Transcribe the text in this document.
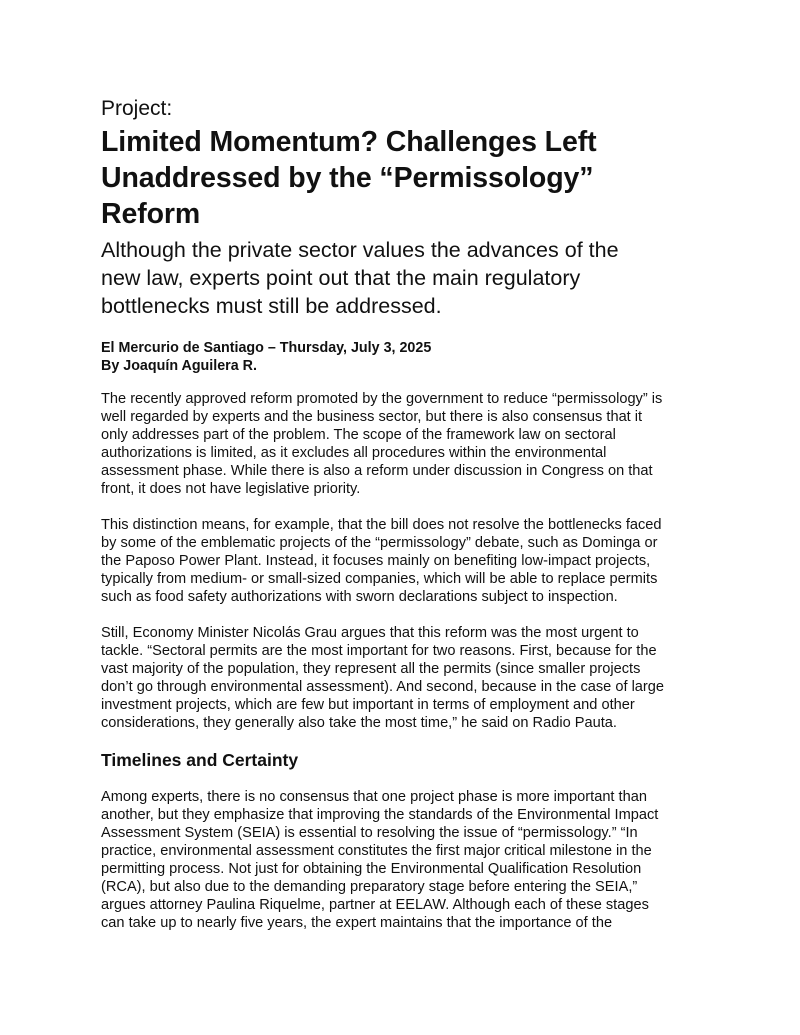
Project:
Limited Momentum? Challenges Left
Unaddressed by the “Permissology”
Reform
Although the private sector values the advances of the
new law, experts point out that the main regulatory
bottlenecks must still be addressed.
El Mercurio de Santiago – Thursday, July 3, 2025
By Joaquín Aguilera R.

The recently approved reform promoted by the government to reduce “permissology” is
well regarded by experts and the business sector, but there is also consensus that it
only addresses part of the problem. The scope of the framework law on sectoral
authorizations is limited, as it excludes all procedures within the environmental
assessment phase. While there is also a reform under discussion in Congress on that
front, it does not have legislative priority.

This distinction means, for example, that the bill does not resolve the bottlenecks faced
by some of the emblematic projects of the “permissology” debate, such as Dominga or
the Paposo Power Plant. Instead, it focuses mainly on benefiting low-impact projects,
typically from medium- or small-sized companies, which will be able to replace permits
such as food safety authorizations with sworn declarations subject to inspection.

Still, Economy Minister Nicolás Grau argues that this reform was the most urgent to
tackle. “Sectoral permits are the most important for two reasons. First, because for the
vast majority of the population, they represent all the permits (since smaller projects
don’t go through environmental assessment). And second, because in the case of large
investment projects, which are few but important in terms of employment and other
considerations, they generally also take the most time,” he said on Radio Pauta.

Timelines and Certainty

Among experts, there is no consensus that one project phase is more important than
another, but they emphasize that improving the standards of the Environmental Impact
Assessment System (SEIA) is essential to resolving the issue of “permissology.” “In
practice, environmental assessment constitutes the first major critical milestone in the
permitting process. Not just for obtaining the Environmental Qualification Resolution
(RCA), but also due to the demanding preparatory stage before entering the SEIA,”
argues attorney Paulina Riquelme, partner at EELAW. Although each of these stages
can take up to nearly five years, the expert maintains that the importance of the
